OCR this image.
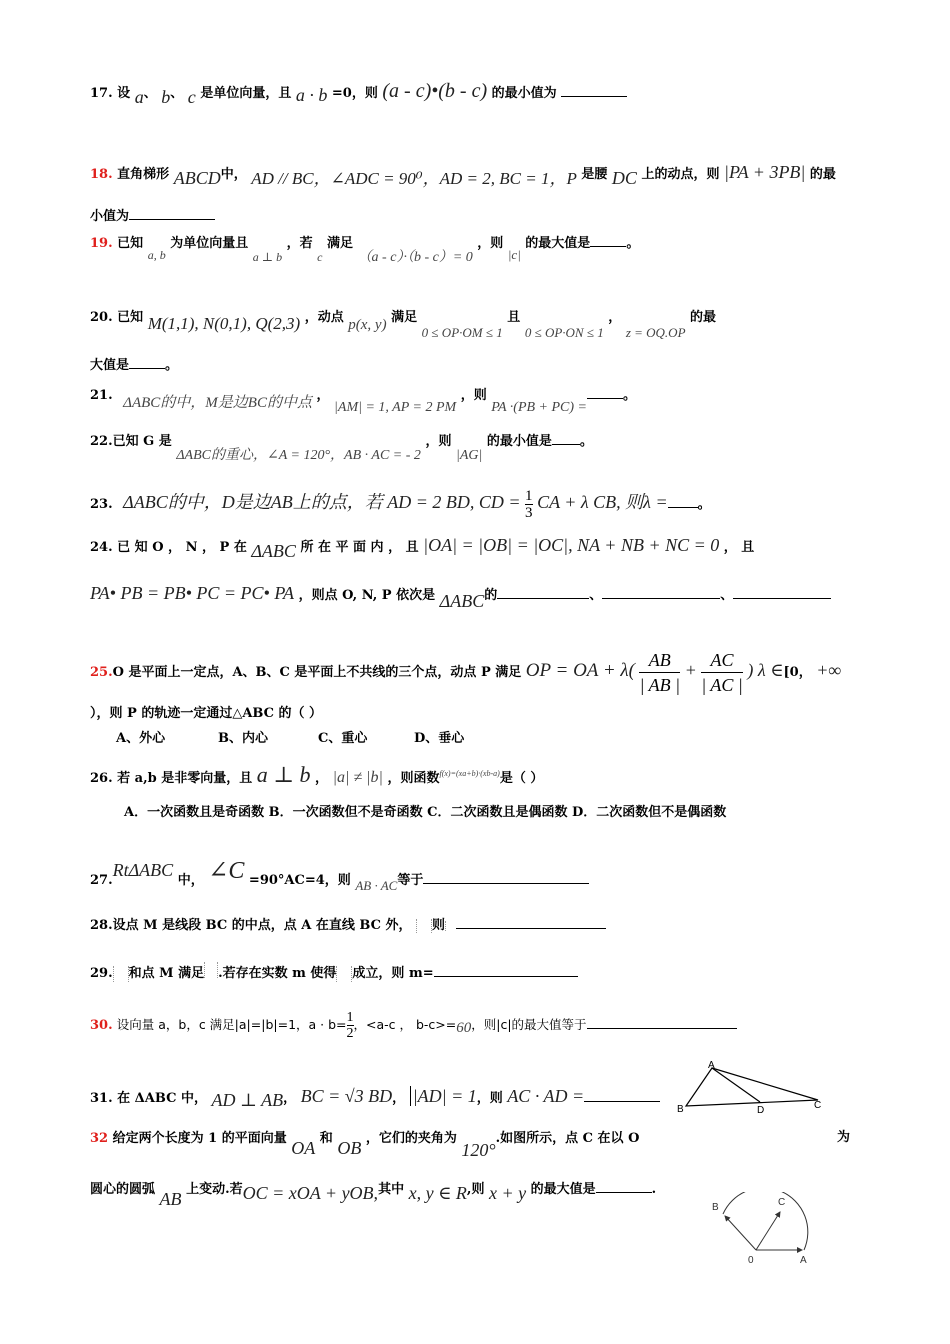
17. 设 a、 b、 c 是单位向量，且 a · b =0，则 (a - c)•(b - c) 的最小值为
18. 直角梯形 ABCD中， AD // BC，∠ADC = 90⁰，AD = 2, BC = 1，P 是腰 DC 上的动点，则 |PA + 3PB| 的最
小值为
19. 已知 a, b 为单位向量且 a ⊥ b ，若 c 满足 （a - c）·（b - c）= 0 ，则 |c| 的最大值是	。
20. 已知 M(1,1), N(0,1), Q(2,3) ，动点 p(x, y) 满足 0 ≤ OP·OM ≤ 1 且 0 ≤ OP·ON ≤ 1 ， z = OQ.OP 的最
大值是	。
21. ΔABC的中，M是边BC的中点 ， |AM| = 1, AP = 2 PM ，则 PA ·(PB + PC) =。
22.已知 G 是 ΔABC的重心，∠A = 120°，AB · AC = - 2 ，则 |AG| 的最小值是 。
23. ΔABC的中，D是边AB上的点，若 AD = 2 BD, CD = $\frac{1}{3}$ CA + λ CB, 则λ = 。
24. 已 知 O ， N ， P 在 ΔABC 所 在 平 面 内 ， 且 |OA| = |OB| = |OC|, NA + NB + NC = 0 ， 且
PA• PB = PB• PC = PC• PA ，则点 O, N, P 依次是 ΔABC的	、	、
25.O 是平面上一定点，A、B、C 是平面上不共线的三个点，动点 P 满足 OP = OA + $\lambda( \frac{AB}{| AB |} + \frac{AC}{| AC |}$ ) λ ∈[0， +∞
），则 P 的轨迹一定通过△ABC 的（ ）
A、外心	B、内心	C、重心	D、垂心
26. 若 a,b 是非零向量，且 a ⊥ b ， |a| ≠ |b| ，则函数$^{f(x)=(xa+b)\cdot(xb-a)}$是（ ）
A．一次函数且是奇函数 B．一次函数但不是奇函数 C．二次函数且是偶函数 D．二次函数但不是偶函数
27.RtΔABC 中， ∠C =90°AC=4，则 AB · AC等于
28.设点 M 是线段 BC 的中点，点 A 在直线 BC 外， 则
29. 和点 M 满足 .若存在实数 m 使得 成立，则 m=
30. 设向量 a，b，c 满足|a|=|b|=1，$a \cdot b= \frac{1}{2}$ ，<a-c ， b-c>=60，则|c|的最大值等于
31. 在 ΔABC 中， AD ⊥ AB， BC = √3 BD， |AD| = 1，则 AC · AD =
A
B	D	C
32 给定两个长度为 1 的平面向量 OA 和 OB ，它们的夹角为 120°.如图所示，点 C 在以 O	为
圆心的圆弧 AB 上变动.若OC = xOA + yOB,其中 x, y ∈ R,则 x + y 的最大值是	.
B	C
0	A
